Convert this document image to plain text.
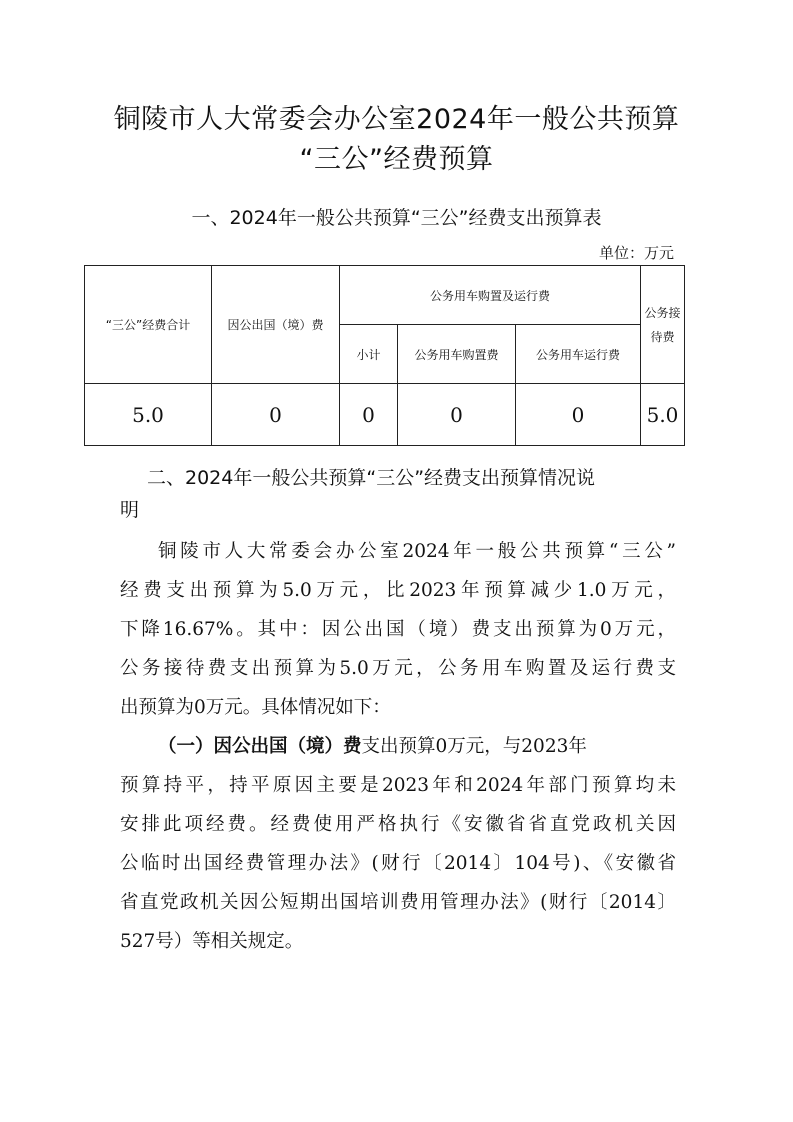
铜陵市人大常委会办公室2024年一般公共预算
“三公”经费预算
一、2024年一般公共预算“三公”经费支出预算表
单位：万元
“三公”经费合计	因公出国（境）费	公务用车购置及运行费			公务接待费
		小计	公务用车购置费	公务用车运行费	
5.0	0	0	0	0	5.0
二、2024年一般公共预算“三公”经费支出预算情况说
明
铜陵市人大常委会办公室2024年一般公共预算“三公”
经费支出预算为5.0万元，比2023年预算减少1.0万元，
下降16.67%。其中：因公出国（境）费支出预算为0万元，
公务接待费支出预算为5.0万元，公务用车购置及运行费支
出预算为0万元。具体情况如下：
（一）因公出国（境）费支出预算0万元，与2023年
预算持平，持平原因主要是2023年和2024年部门预算均未
安排此项经费。经费使用严格执行《安徽省省直党政机关因
公临时出国经费管理办法》(财行〔2014〕104号)、《安徽省
省直党政机关因公短期出国培训费用管理办法》(财行〔2014〕
527号）等相关规定。
